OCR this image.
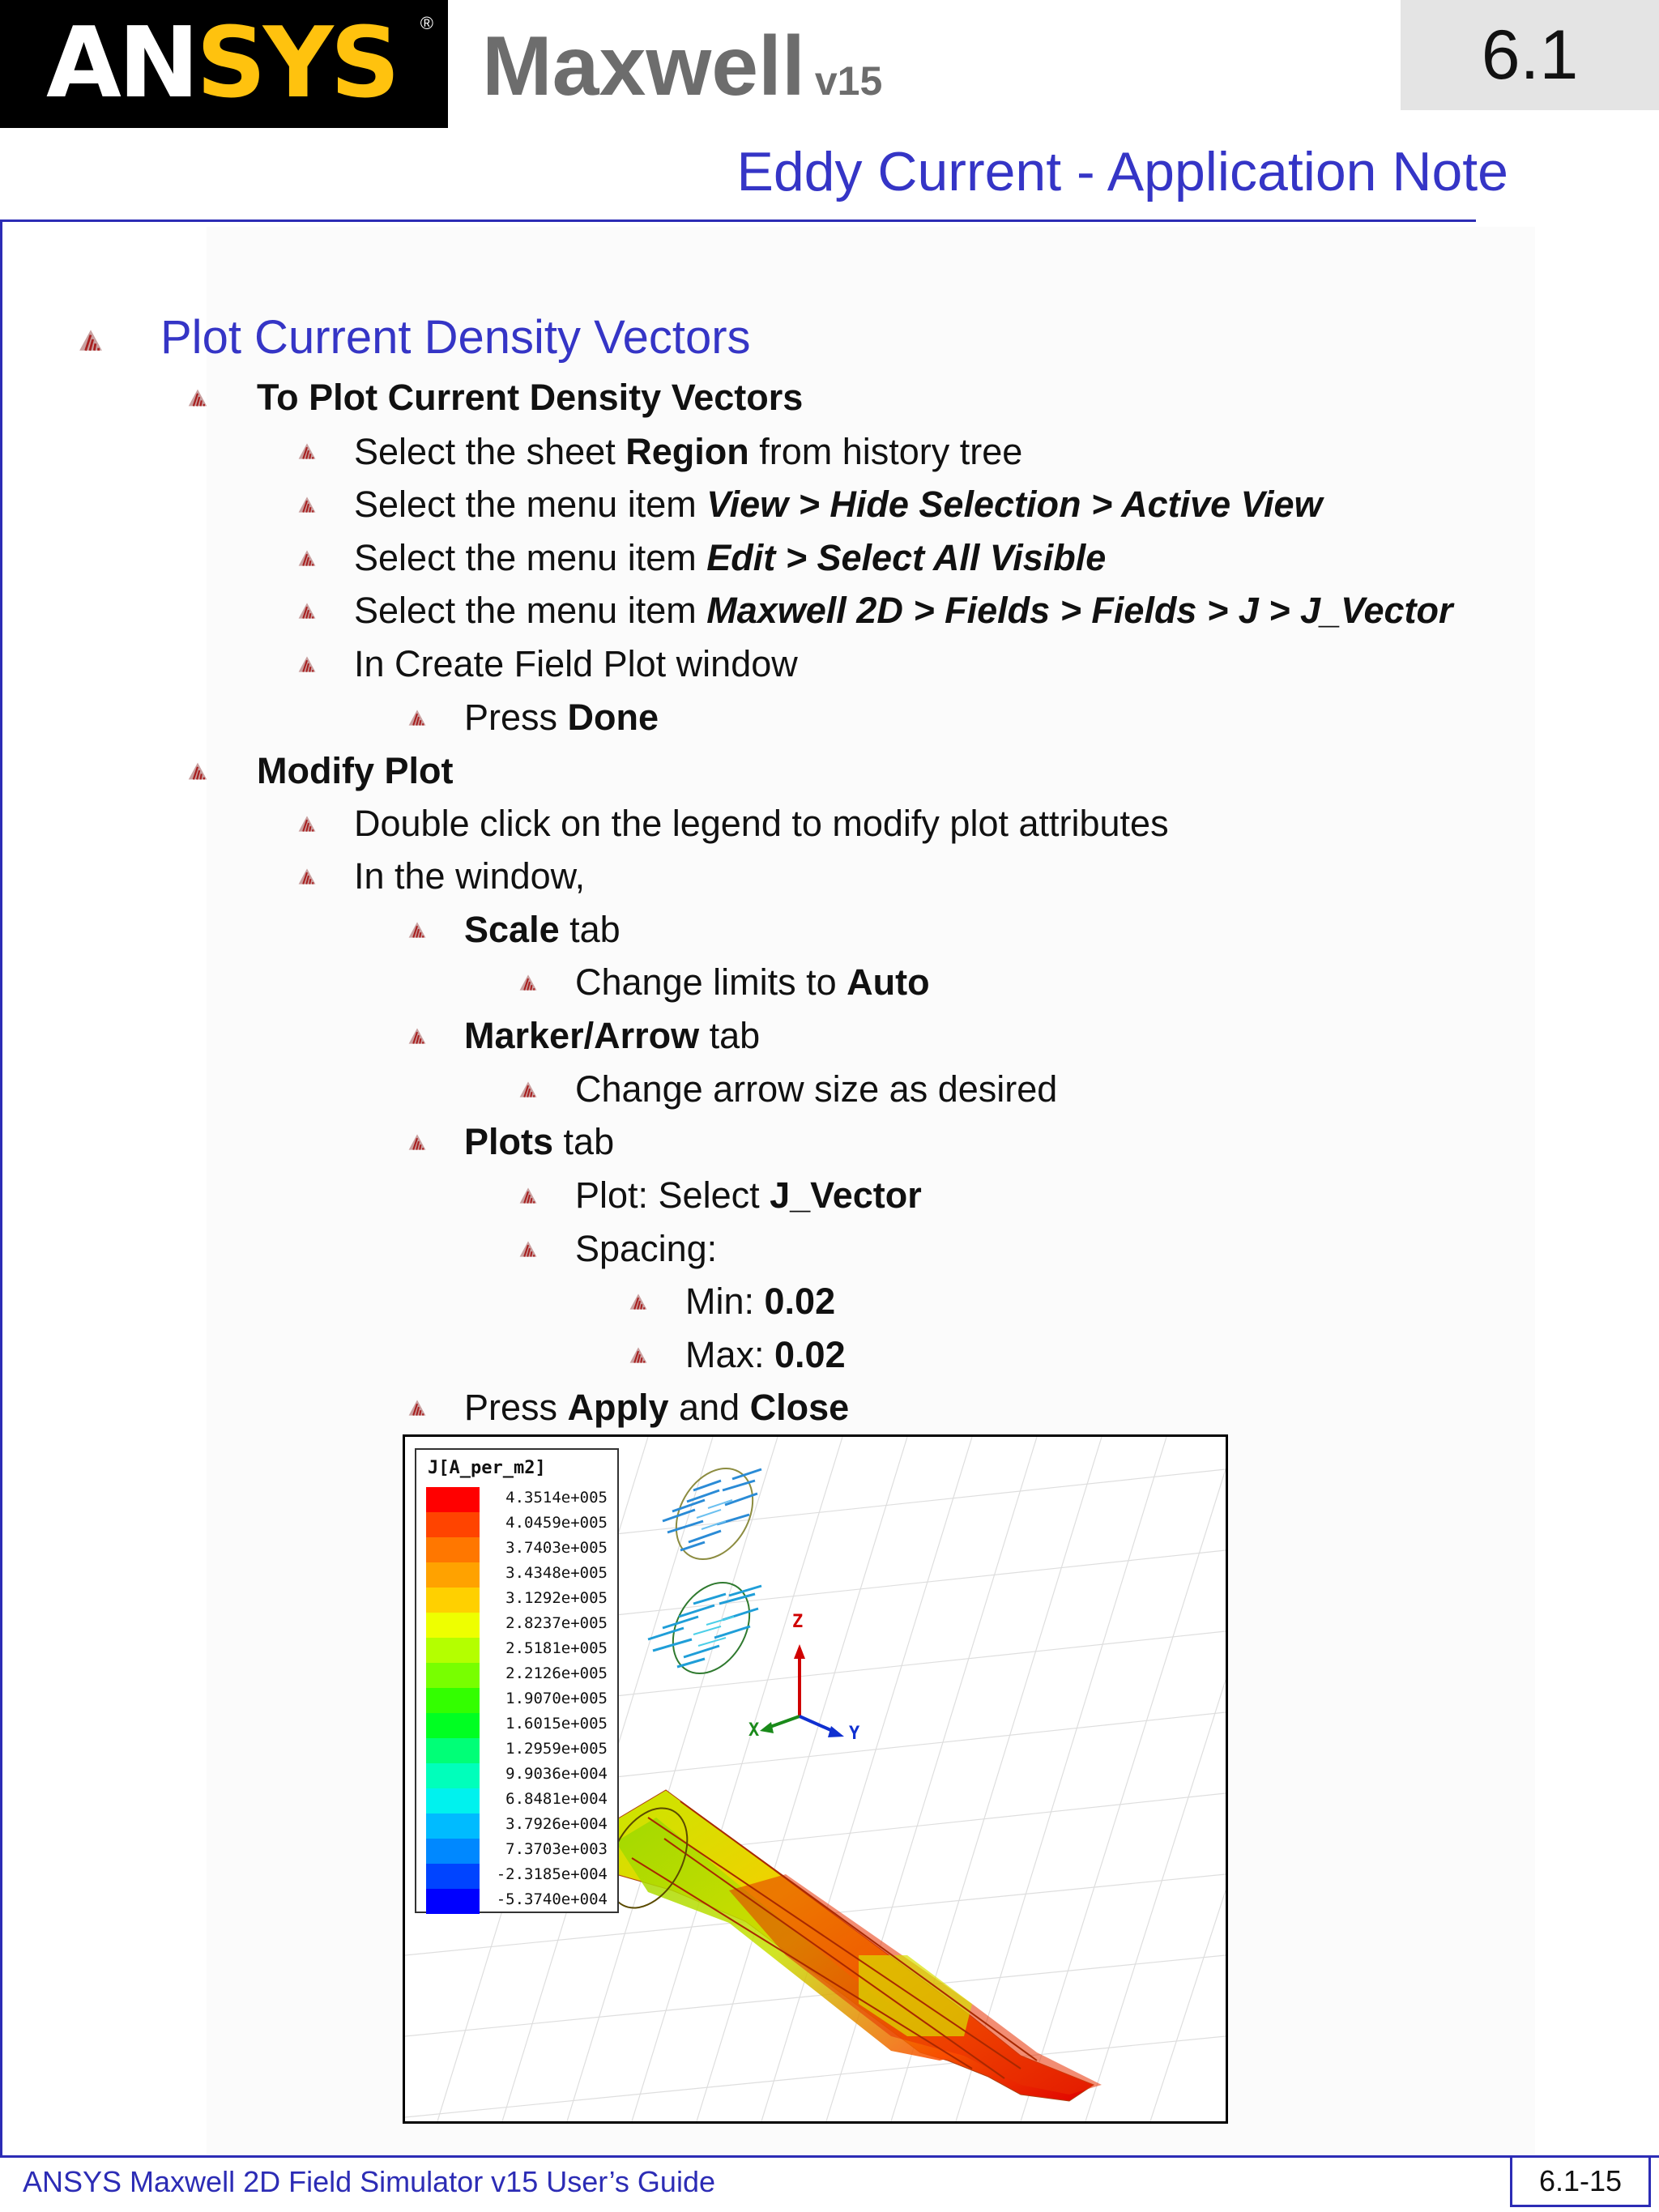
ANSYS ® Maxwell v15	6.1
Eddy Current - Application Note
Plot Current Density Vectors
To Plot Current Density Vectors
Select the sheet Region from history tree
Select the menu item View > Hide Selection > Active View
Select the menu item Edit > Select All Visible
Select the menu item Maxwell 2D > Fields > Fields > J > J_Vector
In Create Field Plot window
Press Done
Modify Plot
Double click on the legend to modify plot attributes
In the window,
Scale tab
Change limits to Auto
Marker/Arrow tab
Change arrow size as desired
Plots tab
Plot: Select J_Vector
Spacing:
Min: 0.02
Max: 0.02
Press Apply and Close
J[A_per_m2]
4.3514e+005
4.0459e+005
3.7403e+005
3.4348e+005
3.1292e+005
2.8237e+005
2.5181e+005
2.2126e+005
1.9070e+005
1.6015e+005
1.2959e+005
9.9036e+004
6.8481e+004
3.7926e+004
7.3703e+003
-2.3185e+004
-5.3740e+004
Z
X	Y
ANSYS Maxwell 2D Field Simulator v15 User’s Guide	6.1-15
